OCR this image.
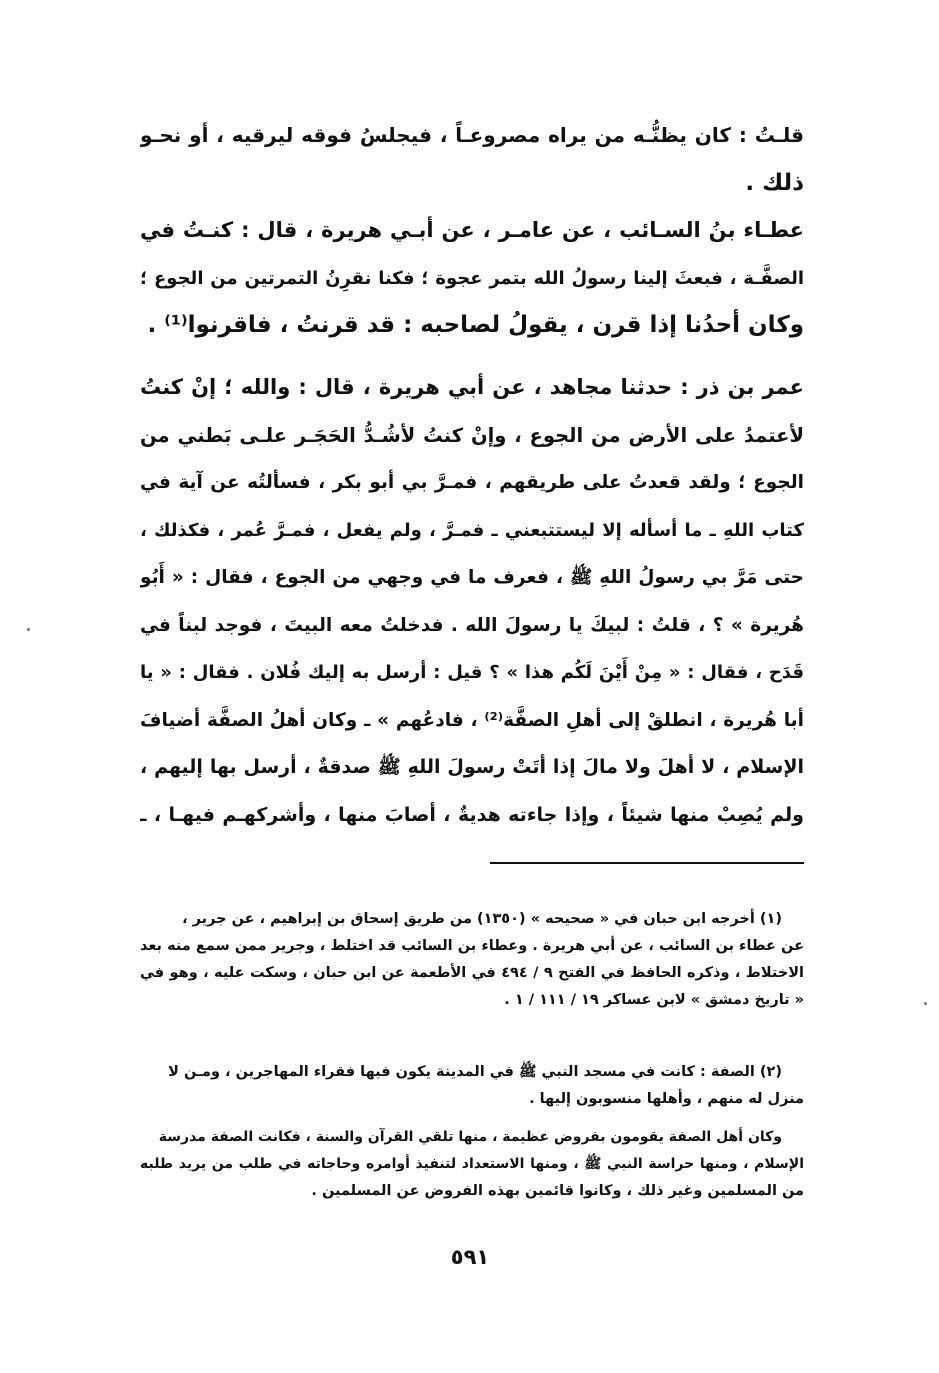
قلـتُ : كان يظنُّـه من يراه مصروعـاً ، فيجلسُ فوقه ليرقيه ، أو نحـو
ذلك .
عطـاء بنُ السـائب ، عن عامـر ، عن أبـي هريرة ، قال : كنـتُ في
الصفَّـة ، فبعثَ إلينا رسولُ الله بتمر عجوة ؛ فكنا نقرِنُ التمرتين من الجوع ؛
وكان أحدُنا إذا قرن ، يقولُ لصاحبه : قد قرنتُ ، فاقرنوا⁽¹⁾ .
عمر بن ذر : حدثنا مجاهد ، عن أبي هريرة ، قال : والله ؛ إنْ كنتُ
لأعتمدُ على الأرض من الجوع ، وإنْ كنتُ لأشُـدُّ الحَجَـر علـى بَطني من
الجوع ؛ ولقد قعدتُ على طريقهم ، فمـرَّ بي أبو بكر ، فسألتُه عن آية في
كتاب اللهِ ـ ما أسأله إلا ليستتبعني ـ فمـرَّ ، ولم يفعل ، فمـرَّ عُمر ، فكذلك ،
حتى مَرَّ بي رسولُ اللهِ ﷺ ، فعرف ما في وجهي من الجوع ، فقال : « أَبُو
هُريرة » ؟ ، قلتُ : لبيكَ يا رسولَ الله . فدخلتُ معه البيتَ ، فوجد لبناً في
قَدَح ، فقال : « مِنْ أَيْنَ لَكُم هذا » ؟ قيل : أرسل به إليك فُلان . فقال : « يا
أبا هُريرة ، انطلقْ إلى أهلِ الصفَّة⁽²⁾ ، فادعُهم » ـ وكان أهلُ الصفَّة أضيافَ
الإسلام ، لا أهلَ ولا مالَ إذا أتَتْ رسولَ اللهِ ﷺ صدقةٌ ، أرسل بها إليهم ،
ولم يُصِبْ منها شيئاً ، وإذا جاءته هديةٌ ، أصابَ منها ، وأشركهـم فيهـا ، ـ
(١) أخرجه ابن حبان في « صحيحه » (١٣٥٠) من طريق إسحاق بن إبراهيم ، عن جرير ،
عن عطاء بن السائب ، عن أبي هريرة . وعطاء بن السائب قد اختلط ، وجرير ممن سمع منه بعد
الاختلاط ، وذكره الحافظ في الفتح ٩ / ٤٩٤ في الأطعمة عن ابن حبان ، وسكت عليه ، وهو في
« تاريخ دمشق » لابن عساكر ١٩ / ١١١ / ١ .
(٢) الصفة : كانت في مسجد النبي ﷺ في المدينة يكون فيها فقراء المهاجرين ، ومـن لا
منزل له منهم ، وأهلها منسوبون إليها .
وكان أهل الصفة يقومون بفروض عظيمة ، منها تلقي القرآن والسنة ، فكانت الصفة مدرسة
الإسلام ، ومنها حراسة النبي ﷺ ، ومنها الاستعداد لتنفيذ أوامره وحاجاته في طلب من يريد طلبه
من المسلمين وغير ذلك ، وكانوا قائمين بهذه الفروض عن المسلمين .
٥٩١
